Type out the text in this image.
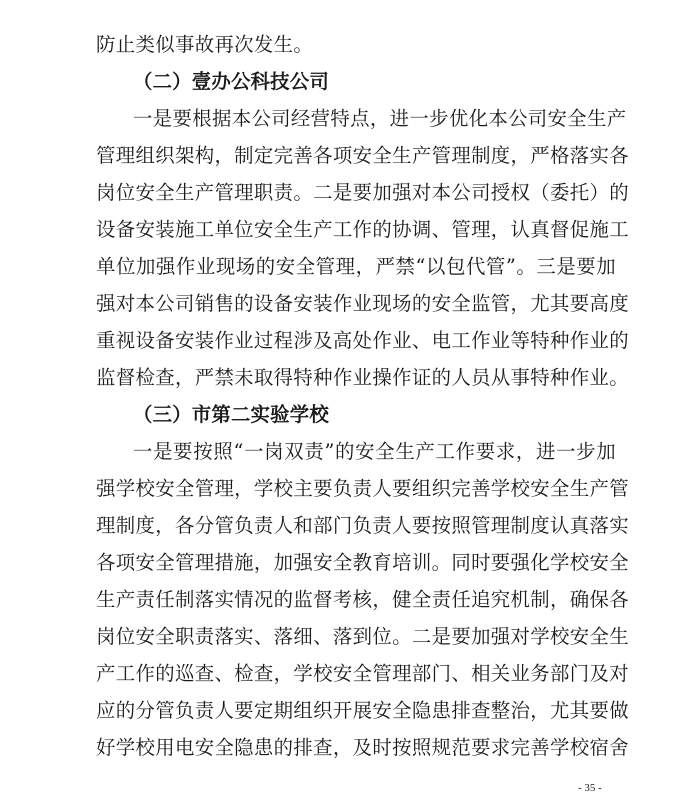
防止类似事故再次发生。
（二）壹办公科技公司
一是要根据本公司经营特点，进一步优化本公司安全生产
管理组织架构，制定完善各项安全生产管理制度，严格落实各
岗位安全生产管理职责。二是要加强对本公司授权（委托）的
设备安装施工单位安全生产工作的协调、管理，认真督促施工
单位加强作业现场的安全管理，严禁“以包代管”。三是要加
强对本公司销售的设备安装作业现场的安全监管，尤其要高度
重视设备安装作业过程涉及高处作业、电工作业等特种作业的
监督检查，严禁未取得特种作业操作证的人员从事特种作业。
（三）市第二实验学校
一是要按照“一岗双责”的安全生产工作要求，进一步加
强学校安全管理，学校主要负责人要组织完善学校安全生产管
理制度，各分管负责人和部门负责人要按照管理制度认真落实
各项安全管理措施，加强安全教育培训。同时要强化学校安全
生产责任制落实情况的监督考核，健全责任追究机制，确保各
岗位安全职责落实、落细、落到位。二是要加强对学校安全生
产工作的巡查、检查，学校安全管理部门、相关业务部门及对
应的分管负责人要定期组织开展安全隐患排查整治，尤其要做
好学校用电安全隐患的排查，及时按照规范要求完善学校宿舍
- 35 -
